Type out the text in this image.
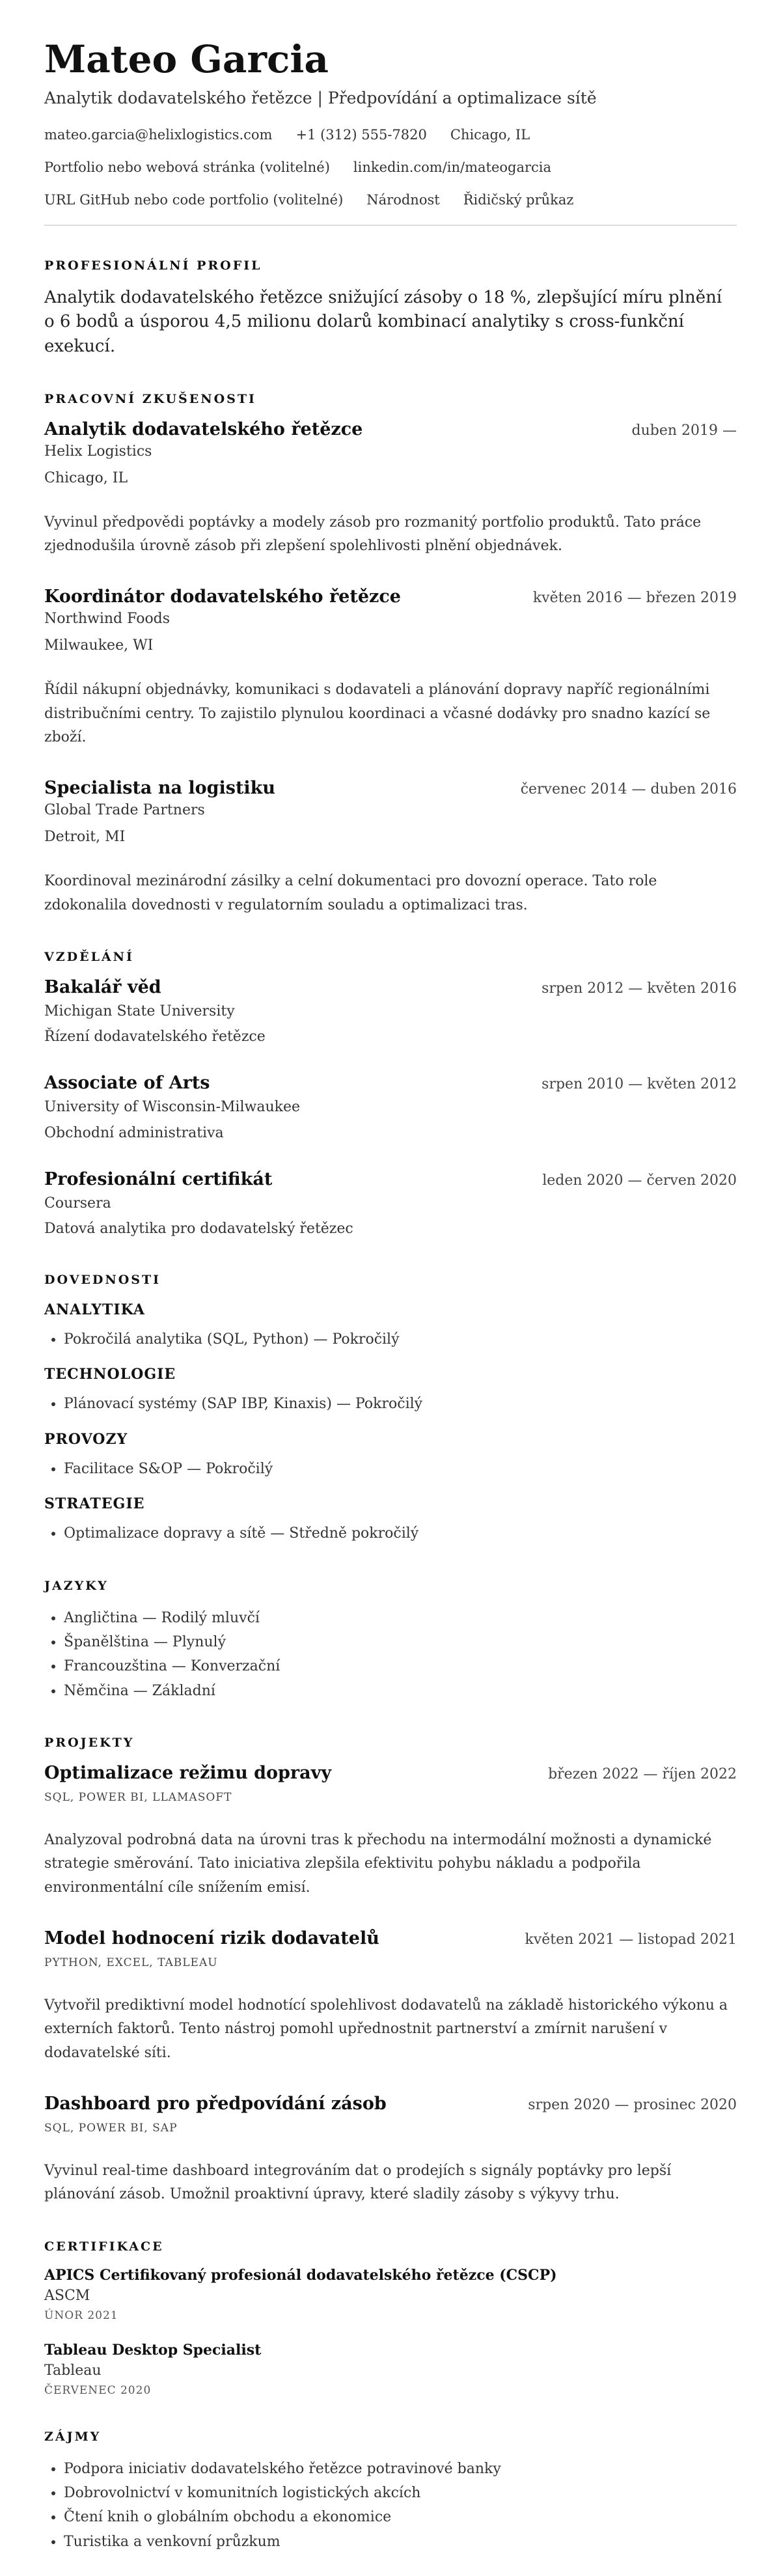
Mateo Garcia
Analytik dodavatelského řetězce | Předpovídání a optimalizace sítě
mateo.garcia@helixlogistics.com +1 (312) 555-7820 Chicago, IL
Portfolio nebo webová stránka (volitelné) linkedin.com/in/mateogarcia
URL GitHub nebo code portfolio (volitelné) Národnost Řidičský průkaz
PROFESIONÁLNÍ PROFIL

Analytik dodavatelského řetězce snižující zásoby o 18 %, zlepšující míru plnění o 6 bodů a úsporou 4,5 milionu dolarů kombinací analytiky s cross-funkční exekucí.

PRACOVNÍ ZKUŠENOSTI
Analytik dodavatelského řetězce	duben 2019 —
Helix Logistics
Chicago, IL
Vyvinul předpovědi poptávky a modely zásob pro rozmanitý portfolio produktů. Tato práce zjednodušila úrovně zásob při zlepšení spolehlivosti plnění objednávek.
Koordinátor dodavatelského řetězce	květen 2016 — březen 2019
Northwind Foods
Milwaukee, WI
Řídil nákupní objednávky, komunikaci s dodavateli a plánování dopravy napříč regionálními distribučními centry. To zajistilo plynulou koordinaci a včasné dodávky pro snadno kazící se zboží.
Specialista na logistiku	červenec 2014 — duben 2016
Global Trade Partners
Detroit, MI
Koordinoval mezinárodní zásilky a celní dokumentaci pro dovozní operace. Tato role zdokonalila dovednosti v regulatorním souladu a optimalizaci tras.
VZDĚLÁNÍ
Bakalář věd	srpen 2012 — květen 2016
Michigan State University
Řízení dodavatelského řetězce
Associate of Arts	srpen 2010 — květen 2012
University of Wisconsin-Milwaukee
Obchodní administrativa
Profesionální certifikát	leden 2020 — červen 2020
Coursera
Datová analytika pro dodavatelský řetězec
DOVEDNOSTI
ANALYTIKA
• Pokročilá analytika (SQL, Python) — Pokročilý
TECHNOLOGIE
• Plánovací systémy (SAP IBP, Kinaxis) — Pokročilý
PROVOZY
• Facilitace S&OP — Pokročilý
STRATEGIE
• Optimalizace dopravy a sítě — Středně pokročilý
JAZYKY
• Angličtina — Rodilý mluvčí
• Španělština — Plynulý
• Francouzština — Konverzační
• Němčina — Základní
PROJEKTY
Optimalizace režimu dopravy	březen 2022 — říjen 2022
SQL, POWER BI, LLAMASOFT
Analyzoval podrobná data na úrovni tras k přechodu na intermodální možnosti a dynamické strategie směrování. Tato iniciativa zlepšila efektivitu pohybu nákladu a podpořila environmentální cíle snížením emisí.
Model hodnocení rizik dodavatelů	květen 2021 — listopad 2021
PYTHON, EXCEL, TABLEAU
Vytvořil prediktivní model hodnotící spolehlivost dodavatelů na základě historického výkonu a externích faktorů. Tento nástroj pomohl upřednostnit partnerství a zmírnit narušení v dodavatelské síti.
Dashboard pro předpovídání zásob	srpen 2020 — prosinec 2020
SQL, POWER BI, SAP
Vyvinul real-time dashboard integrováním dat o prodejích s signály poptávky pro lepší plánování zásob. Umožnil proaktivní úpravy, které sladily zásoby s výkyvy trhu.
CERTIFIKACE
APICS Certifikovaný profesionál dodavatelského řetězce (CSCP)
ASCM
ÚNOR 2021
Tableau Desktop Specialist
Tableau
ČERVENEC 2020
ZÁJMY
• Podpora iniciativ dodavatelského řetězce potravinové banky
• Dobrovolnictví v komunitních logistických akcích
• Čtení knih o globálním obchodu a ekonomice
• Turistika a venkovní průzkum
